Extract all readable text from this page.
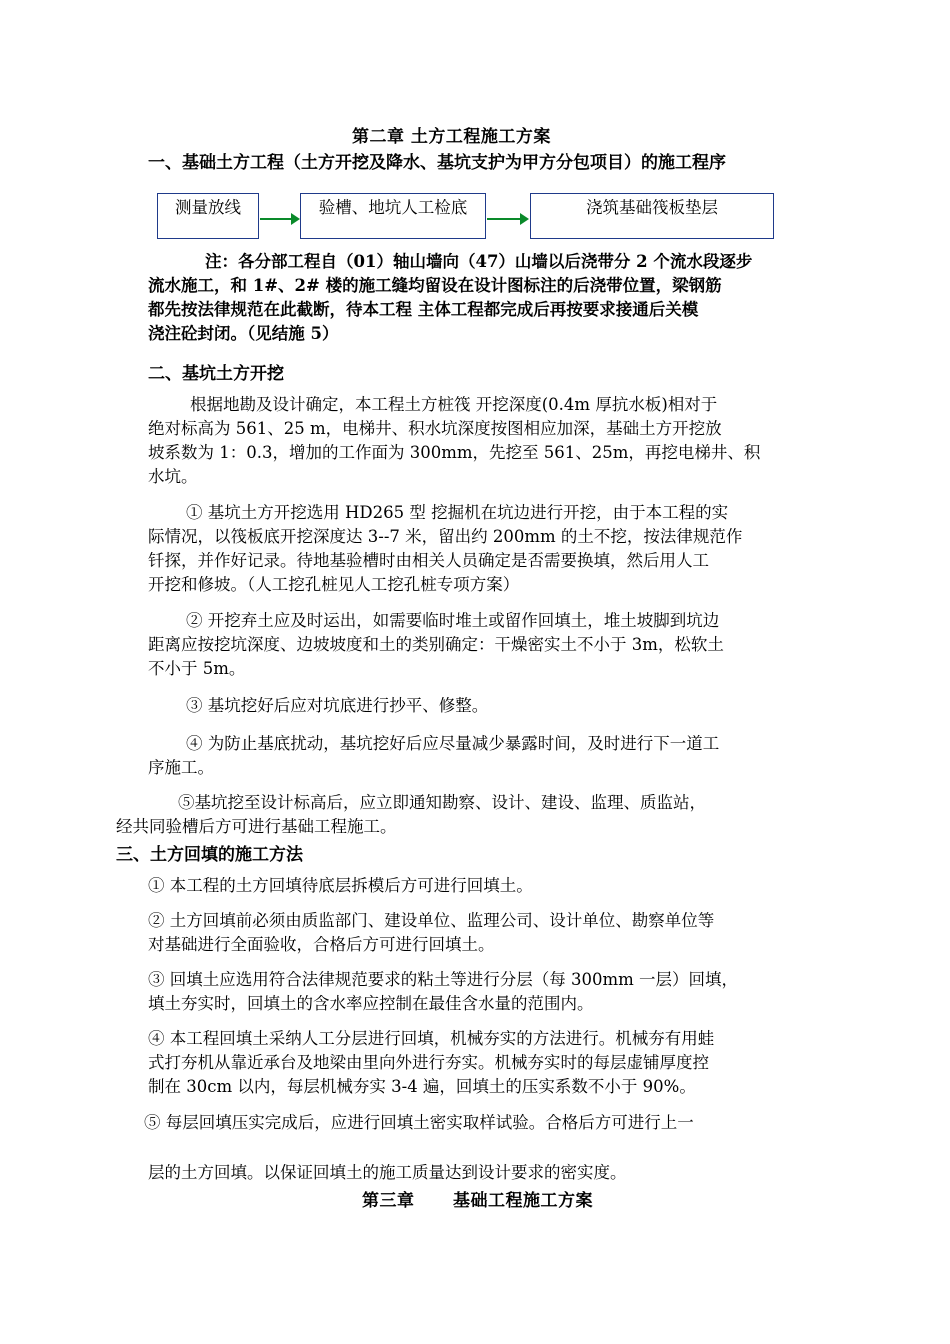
第二章 土方工程施工方案
一、基础土方工程（土方开挖及降水、基坑支护为甲方分包项目）的施工程序
测量放线	验槽、地坑人工检底	浇筑基础筏板垫层
注：各分部工程自（01）轴山墙向（47）山墙以后浇带分 2 个流水段逐步
流水施工，和 1#、2# 楼的施工缝均留设在设计图标注的后浇带位置，梁钢筋
都先按法律规范在此截断，待本工程 主体工程都完成后再按要求接通后关模
浇注砼封闭。（见结施 5）
二、基坑土方开挖
根据地勘及设计确定，本工程土方桩筏 开挖深度(0.4m 厚抗水板)相对于
绝对标高为 561、25 m，电梯井、积水坑深度按图相应加深，基础土方开挖放
坡系数为 1：0.3，增加的工作面为 300mm，先挖至 561、25m，再挖电梯井、积
水坑。
① 基坑土方开挖选用 HD265 型 挖掘机在坑边进行开挖，由于本工程的实
际情况，以筏板底开挖深度达 3--7 米，留出约 200mm 的土不挖，按法律规范作
钎探，并作好记录。待地基验槽时由相关人员确定是否需要换填，然后用人工
开挖和修坡。（人工挖孔桩见人工挖孔桩专项方案）
② 开挖弃土应及时运出，如需要临时堆土或留作回填土，堆土坡脚到坑边
距离应按挖坑深度、边坡坡度和土的类别确定：干燥密实土不小于 3m，松软土
不小于 5m。
③ 基坑挖好后应对坑底进行抄平、修整。
④ 为防止基底扰动，基坑挖好后应尽量减少暴露时间，及时进行下一道工
序施工。
⑤基坑挖至设计标高后，应立即通知勘察、设计、建设、监理、质监站，
经共同验槽后方可进行基础工程施工。
三、土方回填的施工方法
① 本工程的土方回填待底层拆模后方可进行回填土。
② 土方回填前必须由质监部门、建设单位、监理公司、设计单位、勘察单位等
对基础进行全面验收，合格后方可进行回填土。
③ 回填土应选用符合法律规范要求的粘土等进行分层（每 300mm 一层）回填，
填土夯实时，回填土的含水率应控制在最佳含水量的范围内。
④ 本工程回填土采纳人工分层进行回填，机械夯实的方法进行。机械夯有用蛙
式打夯机从靠近承台及地梁由里向外进行夯实。机械夯实时的每层虚铺厚度控
制在 30cm 以内，每层机械夯实 3-4 遍，回填土的压实系数不小于 90%。
⑤ 每层回填压实完成后，应进行回填土密实取样试验。合格后方可进行上一
层的土方回填。以保证回填土的施工质量达到设计要求的密实度。
第三章      基础工程施工方案
